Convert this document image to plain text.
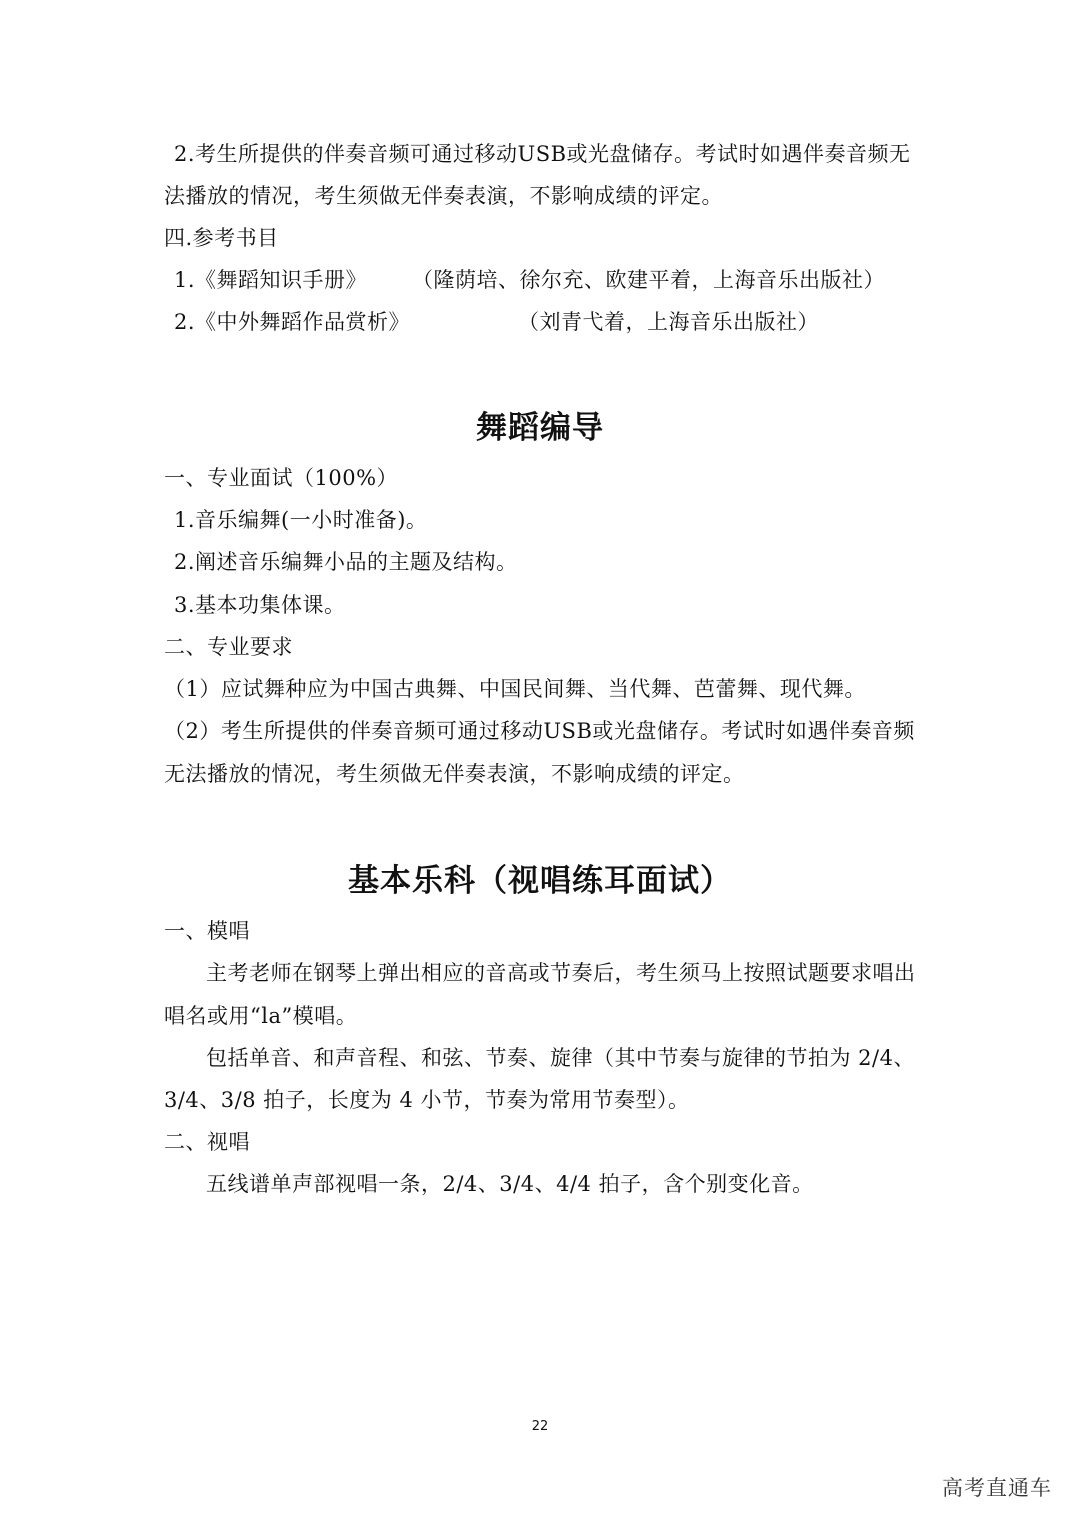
2.考生所提供的伴奏音频可通过移动USB或光盘储存。考试时如遇伴奏音频无
法播放的情况，考生须做无伴奏表演，不影响成绩的评定。
四.参考书目
1.《舞蹈知识手册》 （隆荫培、徐尔充、欧建平着，上海音乐出版社）
2.《中外舞蹈作品赏析》	（刘青弋着，上海音乐出版社）
舞蹈编导
一、专业面试（100%）
1.音乐编舞(一小时准备)。
2.阐述音乐编舞小品的主题及结构。
3.基本功集体课。
二、专业要求
（1）应试舞种应为中国古典舞、中国民间舞、当代舞、芭蕾舞、现代舞。
（2）考生所提供的伴奏音频可通过移动USB或光盘储存。考试时如遇伴奏音频
无法播放的情况，考生须做无伴奏表演，不影响成绩的评定。
基本乐科（视唱练耳面试）
一、模唱
主考老师在钢琴上弹出相应的音高或节奏后，考生须马上按照试题要求唱出
唱名或用“la”模唱。
包括单音、和声音程、和弦、节奏、旋律（其中节奏与旋律的节拍为 2/4、
3/4、3/8 拍子，长度为 4 小节，节奏为常用节奏型）。
二、视唱
五线谱单声部视唱一条，2/4、3/4、4/4 拍子，含个别变化音。
22
高考直通车
